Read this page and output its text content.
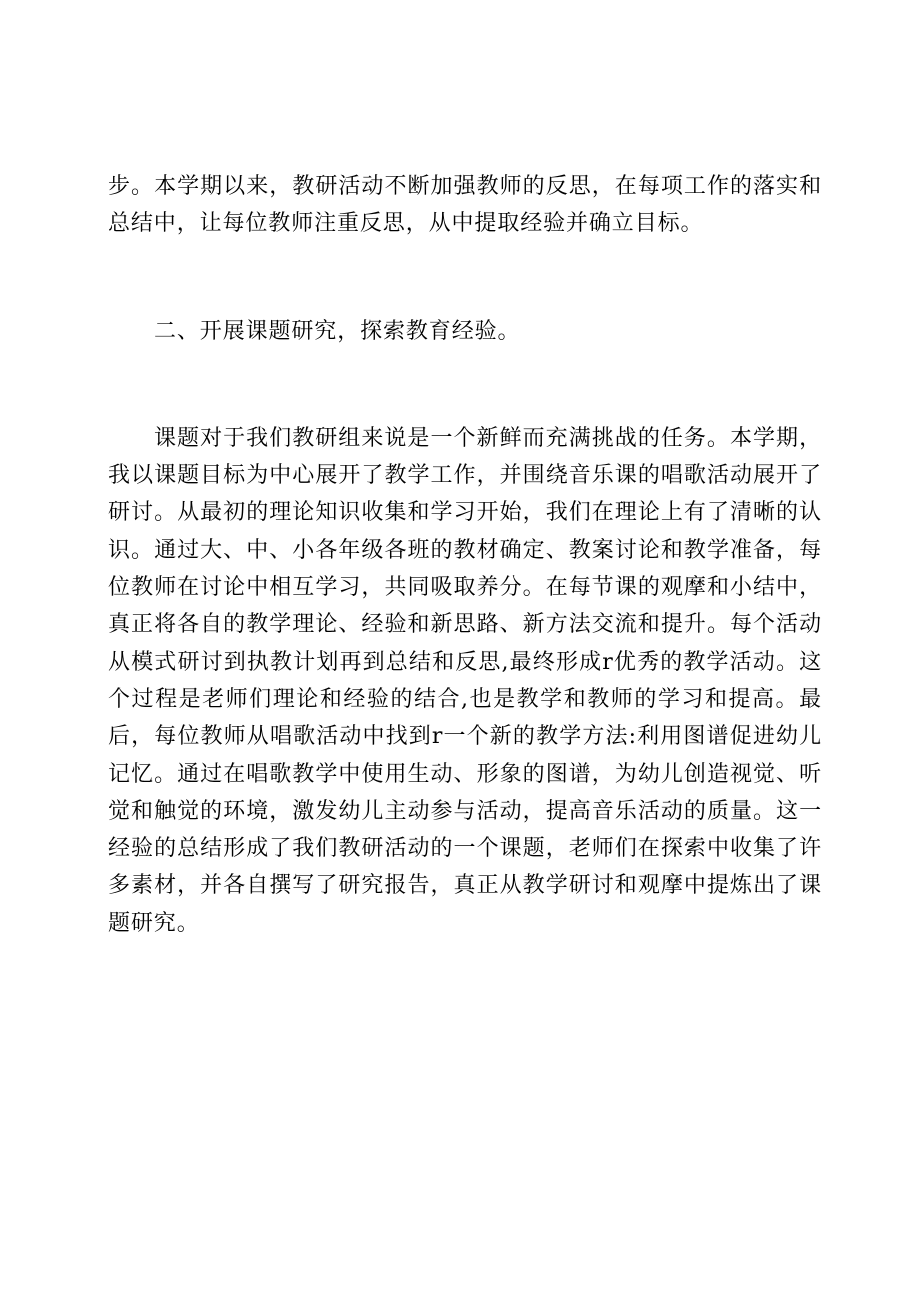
步。本学期以来，教研活动不断加强教师的反思，在每项工作的落实和总结中，让每位教师注重反思，从中提取经验并确立目标。

二、开展课题研究，探索教育经验。

课题对于我们教研组来说是一个新鲜而充满挑战的任务。本学期，我以课题目标为中心展开了教学工作，并围绕音乐课的唱歌活动展开了研讨。从最初的理论知识收集和学习开始，我们在理论上有了清晰的认识。通过大、中、小各年级各班的教材确定、教案讨论和教学准备，每位教师在讨论中相互学习，共同吸取养分。在每节课的观摩和小结中，真正将各自的教学理论、经验和新思路、新方法交流和提升。每个活动从模式研讨到执教计划再到总结和反思,最终形成r优秀的教学活动。这个过程是老师们理论和经验的结合,也是教学和教师的学习和提高。最后，每位教师从唱歌活动中找到r一个新的教学方法:利用图谱促进幼儿记忆。通过在唱歌教学中使用生动、形象的图谱，为幼儿创造视觉、听觉和触觉的环境，激发幼儿主动参与活动，提高音乐活动的质量。这一经验的总结形成了我们教研活动的一个课题，老师们在探索中收集了许多素材，并各自撰写了研究报告，真正从教学研讨和观摩中提炼出了课题研究。
